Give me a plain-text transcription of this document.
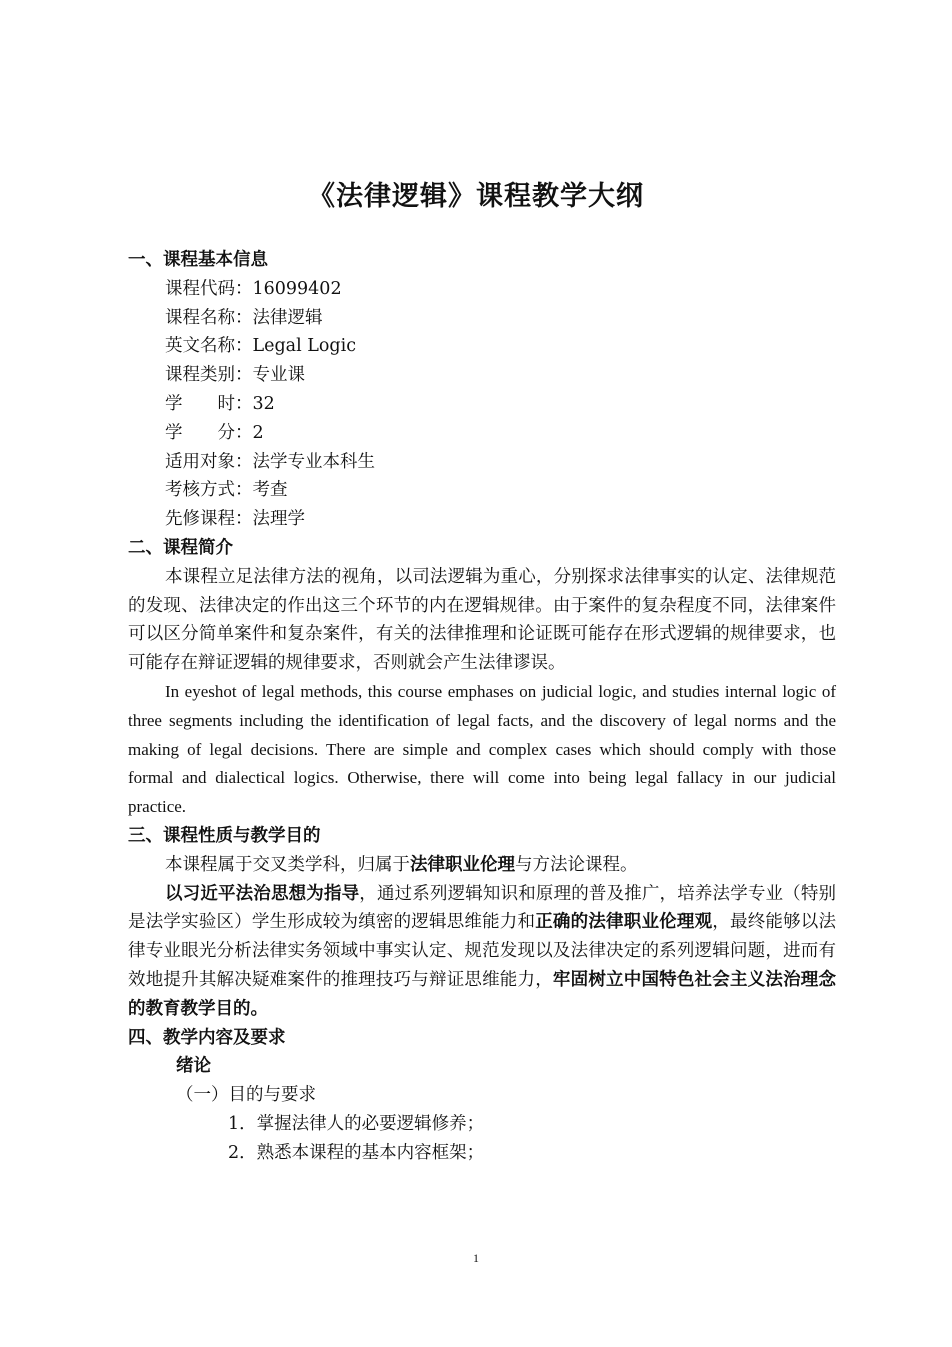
《法律逻辑》课程教学大纲
一、课程基本信息
课程代码：16099402
课程名称：法律逻辑
英文名称：Legal Logic
课程类别：专业课
学　　时：32
学　　分：2
适用对象：法学专业本科生
考核方式：考查
先修课程：法理学
二、课程简介
本课程立足法律方法的视角，以司法逻辑为重心，分别探求法律事实的认定、法律规范的发现、法律决定的作出这三个环节的内在逻辑规律。由于案件的复杂程度不同，法律案件可以区分简单案件和复杂案件，有关的法律推理和论证既可能存在形式逻辑的规律要求，也可能存在辩证逻辑的规律要求，否则就会产生法律谬误。
In eyeshot of legal methods, this course emphases on judicial logic, and studies internal logic of three segments including the identification of legal facts, and the discovery of legal norms and the making of legal decisions. There are simple and complex cases which should comply with those formal and dialectical logics. Otherwise, there will come into being legal fallacy in our judicial practice.
三、课程性质与教学目的
本课程属于交叉类学科，归属于法律职业伦理与方法论课程。
以习近平法治思想为指导，通过系列逻辑知识和原理的普及推广，培养法学专业（特别是法学实验区）学生形成较为缜密的逻辑思维能力和正确的法律职业伦理观，最终能够以法律专业眼光分析法律实务领域中事实认定、规范发现以及法律决定的系列逻辑问题，进而有效地提升其解决疑难案件的推理技巧与辩证思维能力，牢固树立中国特色社会主义法治理念的教育教学目的。
四、教学内容及要求
绪论
（一）目的与要求
1．掌握法律人的必要逻辑修养；
2．熟悉本课程的基本内容框架；
1
